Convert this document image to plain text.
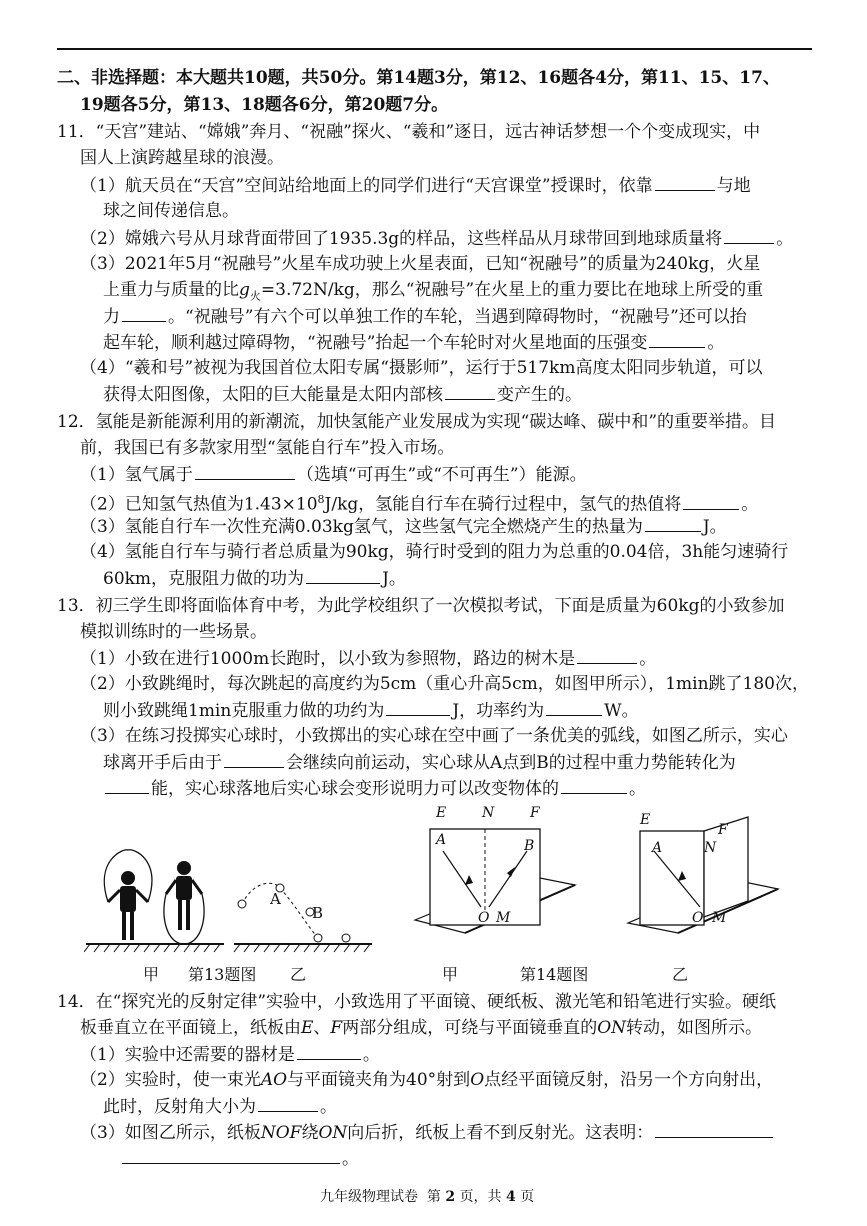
二、非选择题：本大题共10题，共50分。第14题3分，第12、16题各4分，第11、15、17、
19题各5分，第13、18题各6分，第20题7分。
11．“天宫”建站、“嫦娥”奔月、“祝融”探火、“羲和”逐日，远古神话梦想一个个变成现实，中
国人上演跨越星球的浪漫。
（1）航天员在“天宫”空间站给地面上的同学们进行“天宫课堂”授课时，依靠	与地
球之间传递信息。
（2）嫦娥六号从月球背面带回了1935.3g的样品，这些样品从月球带回到地球质量将	。
（3）2021年5月“祝融号”火星车成功驶上火星表面，已知“祝融号”的质量为240kg，火星
上重力与质量的比$g_火=3.72N/kg$，那么“祝融号”在火星上的重力要比在地球上所受的重
力	。“祝融号”有六个可以单独工作的车轮，当遇到障碍物时，“祝融号”还可以抬
起车轮，顺利越过障碍物，“祝融号”抬起一个车轮时对火星地面的压强变	。
（4）“羲和号”被视为我国首位太阳专属“摄影师”，运行于517km高度太阳同步轨道，可以
获得太阳图像，太阳的巨大能量是太阳内部核	变产生的。
12．氢能是新能源利用的新潮流，加快氢能产业发展成为实现“碳达峰、碳中和”的重要举措。目
前，我国已有多款家用型“氢能自行车”投入市场。
（1）氢气属于	（选填“可再生”或“不可再生”）能源。
（2）已知氢气热值为$1.43\times 10^8J/kg$，氢能自行车在骑行过程中，氢气的热值将	。
（3）氢能自行车一次性充满0.03kg氢气，这些氢气完全燃烧产生的热量为	J。
（4）氢能自行车与骑行者总质量为90kg，骑行时受到的阻力为总重的0.04倍，3h能匀速骑行
60km，克服阻力做的功为	J。
13．初三学生即将面临体育中考，为此学校组织了一次模拟考试，下面是质量为60kg的小致参加
模拟训练时的一些场景。
（1）小致在进行1000m长跑时，以小致为参照物，路边的树木是	。
（2）小致跳绳时，每次跳起的高度约为5cm（重心升高5cm，如图甲所示），1min跳了180次，
则小致跳绳1min克服重力做的功约为	J，功率约为	W。
（3）在练习投掷实心球时，小致掷出的实心球在空中画了一条优美的弧线，如图乙所示，实心
球离开手后由于	会继续向前运动，实心球从A点到B的过程中重力势能转化为
能，实心球落地后实心球会变形说明力可以改变物体的	。
A
B
甲 第13题图 乙
E	N	F
A	B
O M
E
F
N
A
O M
甲	第14题图	乙
14．在“探究光的反射定律”实验中，小致选用了平面镜、硬纸板、激光笔和铅笔进行实验。硬纸
板垂直立在平面镜上，纸板由E、F两部分组成，可绕与平面镜垂直的ON转动，如图所示。
（1）实验中还需要的器材是	。
（2）实验时，使一束光AO与平面镜夹角为40°射到O点经平面镜反射，沿另一个方向射出，
此时，反射角大小为	。
（3）如图乙所示，纸板NOF绕ON向后折，纸板上看不到反射光。这表明：
。
九年级物理试卷 第 2 页，共 4 页
